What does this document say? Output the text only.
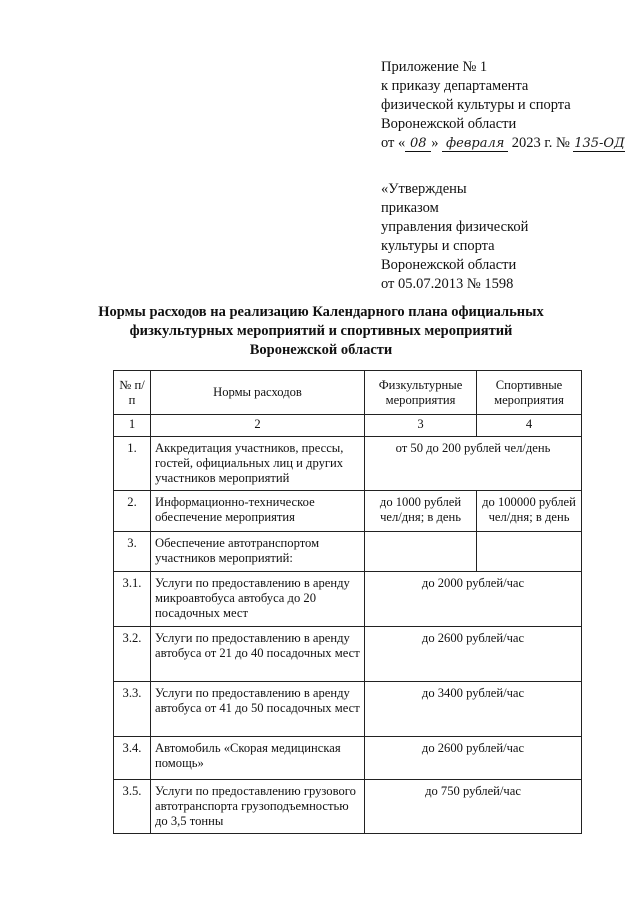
Приложение № 1
к приказу департамента
физической культуры и спорта
Воронежской области
от « 08 » февраля 2023 г. № 135-ОД
«Утверждены
приказом
управления физической
культуры и спорта
Воронежской области
от 05.07.2013 № 1598
Нормы расходов на реализацию Календарного плана официальных физкультурных мероприятий и спортивных мероприятий Воронежской области
№ п/п	Нормы расходов	Физкультурные мероприятия	Спортивные мероприятия
1	2	3	4
1.	Аккредитация участников, прессы, гостей, официальных лиц и других участников мероприятий	от 50 до 200 рублей чел/день	
2.	Информационно-техническое обеспечение мероприятия	до 1000 рублей чел/дня; в день	до 100000 рублей чел/дня; в день
3.	Обеспечение автотранспортом участников мероприятий:		
3.1.	Услуги по предоставлению в аренду микроавтобуса автобуса до 20 посадочных мест	до 2000 рублей/час	
3.2.	Услуги по предоставлению в аренду автобуса от 21 до 40 посадочных мест	до 2600 рублей/час	
3.3.	Услуги по предоставлению в аренду автобуса от 41 до 50 посадочных мест	до 3400 рублей/час	
3.4.	Автомобиль «Скорая медицинская помощь»	до 2600 рублей/час	
3.5.	Услуги по предоставлению грузового автотранспорта грузоподъемностью до 3,5 тонны	до 750 рублей/час	
